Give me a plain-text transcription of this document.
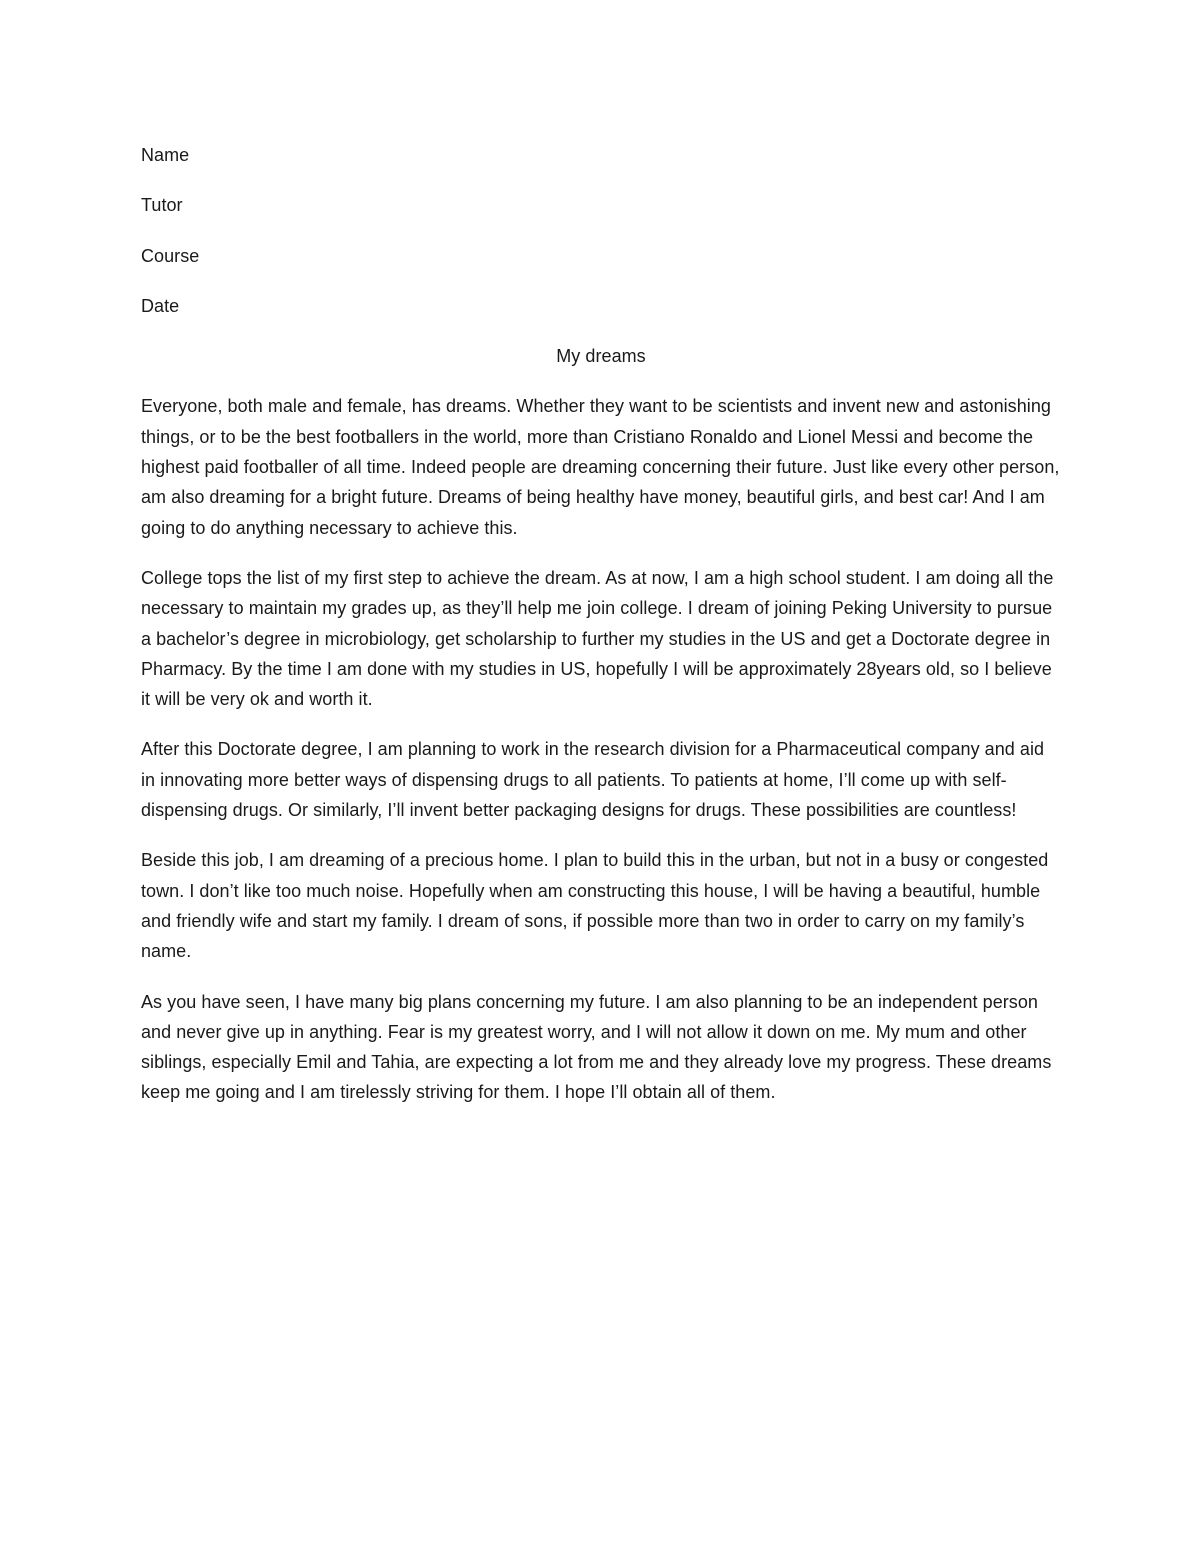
Name
Tutor
Course
Date
My dreams

Everyone, both male and female, has dreams. Whether they want to be scientists and invent new and astonishing things, or to be the best footballers in the world, more than Cristiano Ronaldo and Lionel Messi and become the highest paid footballer of all time. Indeed people are dreaming concerning their future. Just like every other person, am also dreaming for a bright future. Dreams of being healthy have money, beautiful girls, and best car! And I am going to do anything necessary to achieve this.

College tops the list of my first step to achieve the dream. As at now, I am a high school student. I am doing all the necessary to maintain my grades up, as they’ll help me join college. I dream of joining Peking University to pursue a bachelor’s degree in microbiology, get scholarship to further my studies in the US and get a Doctorate degree in Pharmacy. By the time I am done with my studies in US, hopefully I will be approximately 28years old, so I believe it will be very ok and worth it.

After this Doctorate degree, I am planning to work in the research division for a Pharmaceutical company and aid in innovating more better ways of dispensing drugs to all patients. To patients at home, I’ll come up with self-dispensing drugs. Or similarly, I’ll invent better packaging designs for drugs. These possibilities are countless!

Beside this job, I am dreaming of a precious home. I plan to build this in the urban, but not in a busy or congested town. I don’t like too much noise. Hopefully when am constructing this house, I will be having a beautiful, humble and friendly wife and start my family. I dream of sons, if possible more than two in order to carry on my family’s name.

As you have seen, I have many big plans concerning my future. I am also planning to be an independent person and never give up in anything. Fear is my greatest worry, and I will not allow it down on me. My mum and other siblings, especially Emil and Tahia, are expecting a lot from me and they already love my progress. These dreams keep me going and I am tirelessly striving for them. I hope I’ll obtain all of them.
